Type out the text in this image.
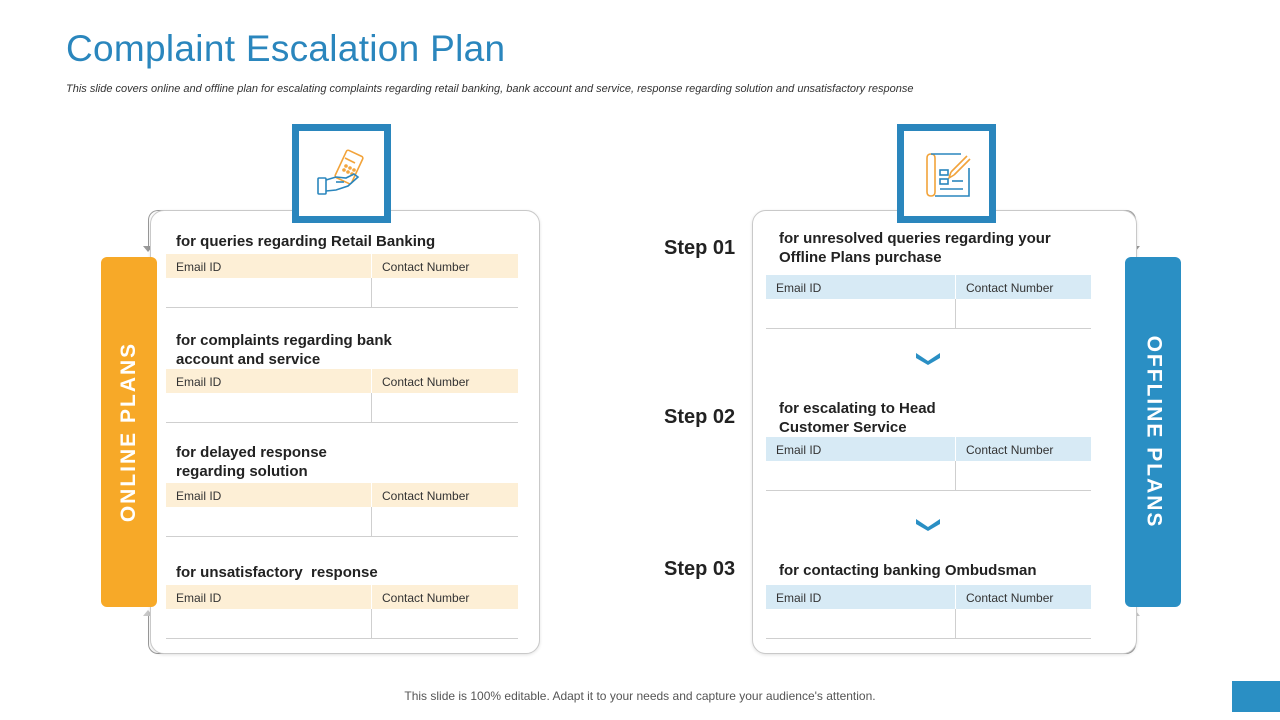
Complaint Escalation Plan
This slide covers online and offline plan for escalating complaints regarding retail banking, bank account and service, response regarding solution and unsatisfactory response
ONLINE PLANS
for queries regarding Retail Banking
Email ID	Contact Number
for complaints regarding bank account and service
Email ID	Contact Number
for delayed response regarding solution
Email ID	Contact Number
for unsatisfactory  response
Email ID	Contact Number
OFFLINE PLANS
Step 01	for unresolved queries regarding your Offline Plans purchase
Email ID	Contact Number
Step 02	for escalating to Head Customer Service
Email ID	Contact Number
Step 03	for contacting banking Ombudsman
Email ID	Contact Number
This slide is 100% editable. Adapt it to your needs and capture your audience's attention.
